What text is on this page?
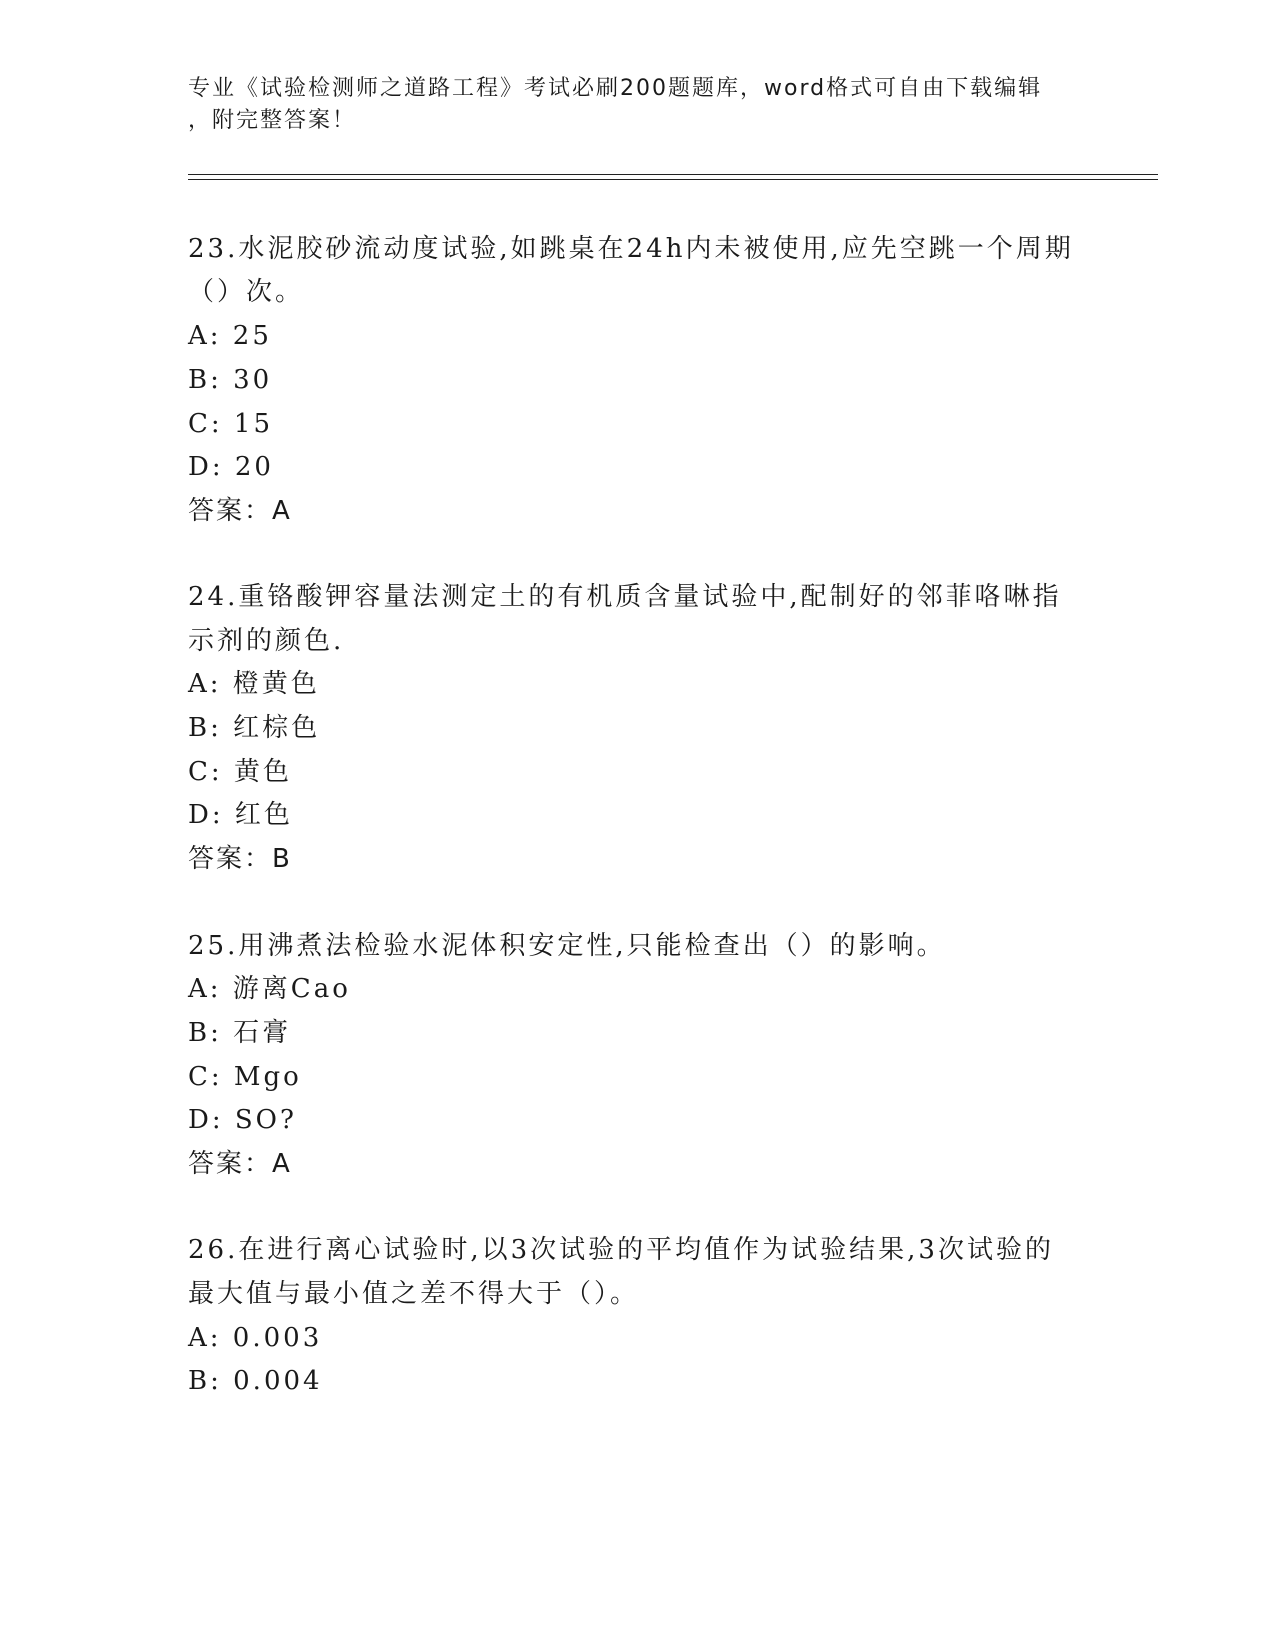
专业《试验检测师之道路工程》考试必刷200题题库，word格式可自由下载编辑
，附完整答案！
23.水泥胶砂流动度试验,如跳桌在24h内未被使用,应先空跳一个周期
（）次。
A: 25
B: 30
C: 15
D: 20
答案：A
24.重铬酸钾容量法测定土的有机质含量试验中,配制好的邻菲咯啉指
示剂的颜色.
A: 橙黄色
B: 红棕色
C: 黄色
D: 红色
答案：B
25.用沸煮法检验水泥体积安定性,只能检查出（）的影响。
A: 游离Cao
B: 石膏
C: Mgo
D: SO?
答案：A
26.在进行离心试验时,以3次试验的平均值作为试验结果,3次试验的
最大值与最小值之差不得大于（）。
A: 0.003
B: 0.004
